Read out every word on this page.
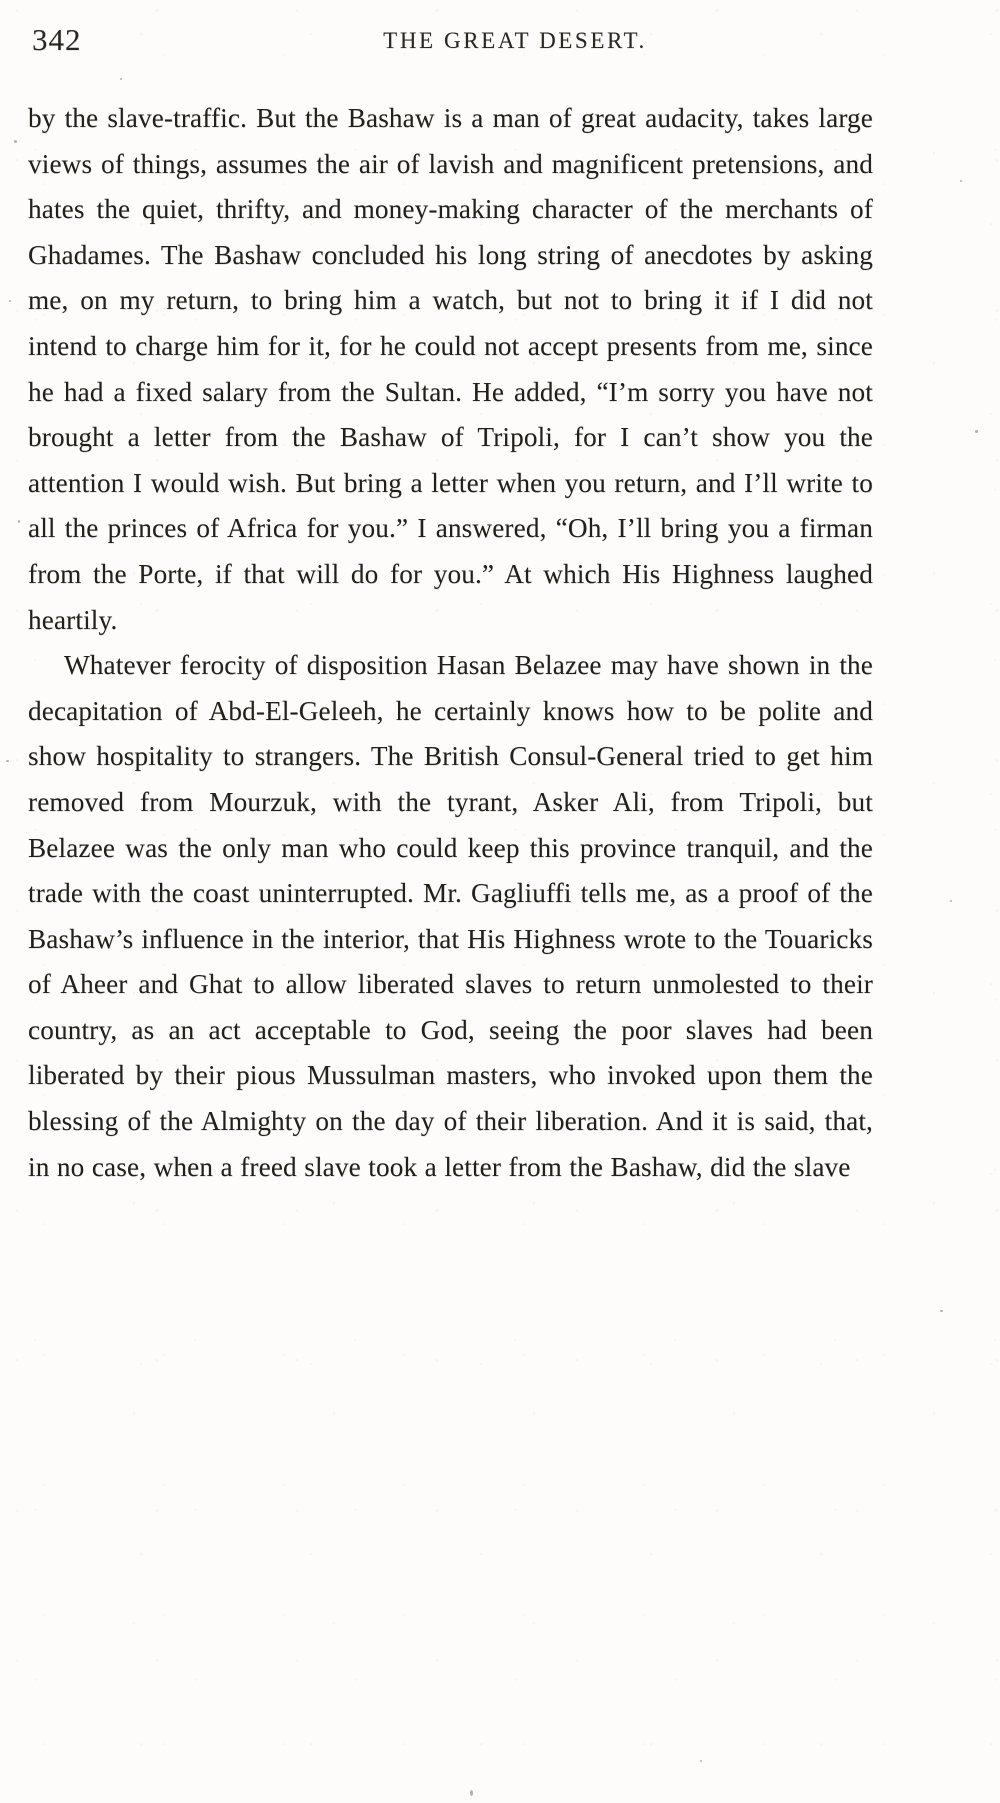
342	THE GREAT DESERT.

by the slave-traffic. But the Bashaw is a man of great audacity, takes large views of things, assumes the air of lavish and magnificent pretensions, and hates the quiet, thrifty, and money-making character of the merchants of Ghadames. The Bashaw concluded his long string of anecdotes by asking me, on my return, to bring him a watch, but not to bring it if I did not intend to charge him for it, for he could not accept presents from me, since he had a fixed salary from the Sultan. He added, “I’m sorry you have not brought a letter from the Bashaw of Tripoli, for I can’t show you the attention I would wish. But bring a letter when you return, and I’ll write to all the princes of Africa for you.” I answered, “Oh, I’ll bring you a firman from the Porte, if that will do for you.” At which His Highness laughed heartily.

Whatever ferocity of disposition Hasan Belazee may have shown in the decapitation of Abd-El-Geleeh, he certainly knows how to be polite and show hospitality to strangers. The British Consul-General tried to get him removed from Mourzuk, with the tyrant, Asker Ali, from Tripoli, but Belazee was the only man who could keep this province tranquil, and the trade with the coast uninterrupted. Mr. Gagliuffi tells me, as a proof of the Bashaw’s influence in the interior, that His Highness wrote to the Touaricks of Aheer and Ghat to allow liberated slaves to return unmolested to their country, as an act acceptable to God, seeing the poor slaves had been liberated by their pious Mussulman masters, who invoked upon them the blessing of the Almighty on the day of their liberation. And it is said, that, in no case, when a freed slave took a letter from the Bashaw, did the slave
